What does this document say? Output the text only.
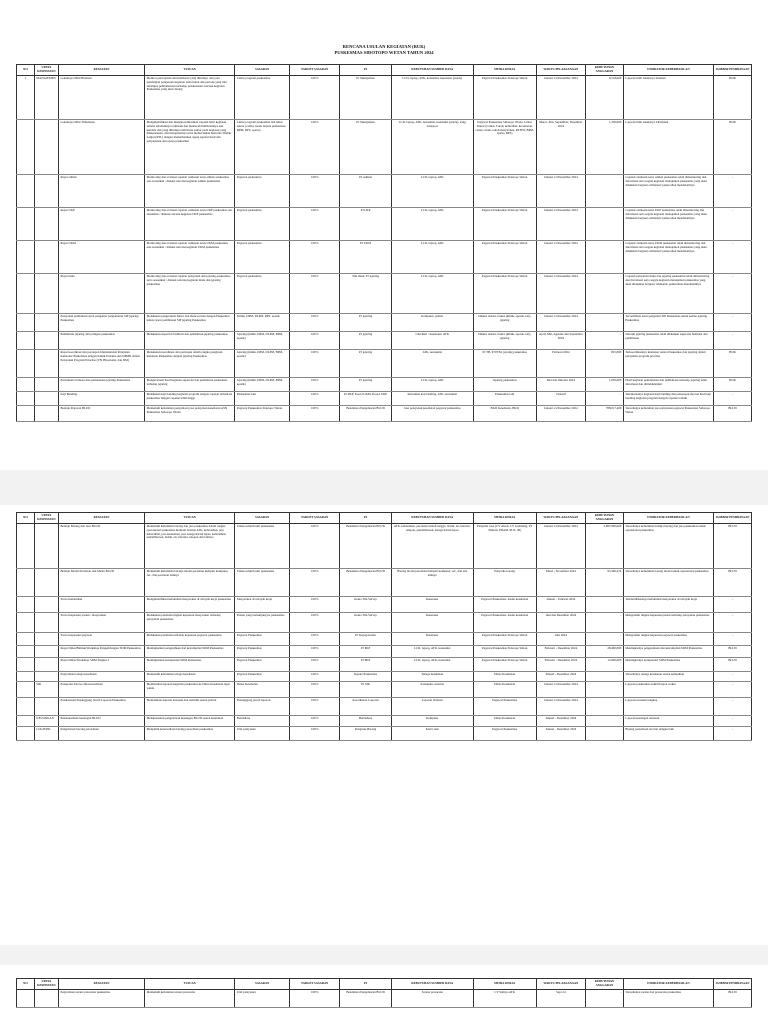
RENCANA USULAN KEGIATAN (RUK)
PUSKESMAS SIDOTOPO WETAN TAHUN 2024
NO	UPAYA KESEHATAN	KEGIATAN	TUJUAN	SASARAN	TARGET SASARAN	PJ	KEBUTUHAN SUMBER DAYA	MITRA KERJA	WAKTU PELAKSANAAN	KEBUTUHAN ANGGARAN	INDIKATOR KEBERHASILAN	SUMBER PEMBIAYAAN
1	MANAJEMEN	Lokakarya Mini Bulanan	Monitor pencapaian dan hambatan yang dihadapi, dan pola pembagian pengesaan kegiatan pada bulan dan periode yang lalu sekaligus pembaharuan terhadap pelaksanaan rencana kegiatan Puskesmas yang akan datang	Lintas program puskesmas	100%	PJ Manajemen	LCD, laptop, ATK, konsumsi, kuesioner (snack)	Pegawai Puskesmas Sidotopo Wetan	Januari s/d Desember 2024	6,518,000	Laporan mini lokakarya bulanan	BOK
		Lokakarya Mini Tribulanan	Mengidentifikasi dan mengkoordinasikan capaian hasil kegiatan selama sebelumnya termasuk dan memecah hambatannya dan kendala dan yang dihadapi oleh lintas sektor pada kegiatan yang dilaksanakan, dan mengatasinya serta memecahkan Rencana Tindak Lanjut (RTL) dengan memerhatikan aspek seputar hasil dan penyusunan dan upaya puskesmas	Lintas program puskesmas dan lintas sektor (camat, lurah, kepala puskesmas, BPM, RPS, sparta)	100%	PJ Manajemen	LCD, laptop, ATK, konsumsi, konsumsi (snack), uang transport	Pegawai Puskesmas Sidotopo Wetan, Lintas Sektor (Camat, Lurah, kelurahan, kecamatan, camat, lurah, tokoh masyarakat, RT/RW, BPM, sparta, BPS)	Maret, Juni, September, Desember 2024	1,350,000	Laporan mini lokakarya tribulanan	BOK
		Rapat admen	Monitoring dan evaluasi capaian cuttkasin terus admen puskesmas atas sesuaikan / diskusi rencana kegiatan admen puskesmas	Pegawai puskesmas	100%	PJ Admen	LCD, laptop, ATK	Pegawai Puskesmas Sidotopo Wetan	Januari s/d Desember 2024	-	Capaian cuttkasin terus admen puskesmas telah dimonitoring dan dievaluasi serta segala kegiatan manajemen puskesmas yang akan dilakukan berjuara rebinanal/ pemecahan mendalamnya	-
		Rapat UKP	Monitoring dan evaluasi capaian cuttkasin terus UKP puskesmas atas sesuaikan / diskusi rencana kegiatan UKP puskesmas	Pegawai puskesmas	100%	PJ UKP	LCD, laptop, ATK	Pegawai Puskesmas Sidotopo Wetan	Januari s/d Desember 2024	-	Capaian cuttkasin terus UKP puskesmas telah dimonitoring dan dievaluasi serta segala kegiatan manajemen puskesmas yang akan dilakukan berjuara rebinanal/ pemecahan mendalamnya	-
		Rapat UKM	Monitoring dan evaluasi capaian cuttkasin terus UKM puskesmas atas sesuaikan / diskusi rencana kegiatan UKM puskesmas	Pegawai puskesmas	100%	PJ UKM	LCD, laptop, ATK	Pegawai Puskesmas Sidotopo Wetan	Januari s/d Desember 2024	-	Capaian cuttkasin terus UKM puskesmas telah dimonitoring dan dievaluasi serta segala kegiatan manajemen puskesmas yang akan dilakukan berjuara rebinanal/ pemecahan mendalamnya	-
		Rapat mutu	Monitoring dan evaluasi capaian pelayanan dan jejaring puskesmas, serta sesuaikan / diskusi rencana kegiatan mutu dan jejaring puskesmas	Pegawai puskesmas	100%	Tim mutu, PJ jejaring	LCD, laptop, ATK	Pegawai Puskesmas Sidotopo Wetan	Januari s/d Desember 2024	-	Capaian pelayanan mutu dan jejaring puskesmas telah dimonitoring dan dievaluasi serta segala kegiatan manajemen puskesmas yang akan dilakukan berjuara rebinanal/ pemecahan mendalamnya	-
		Pelayanan pembinaan surat pengantar pengantaran SIP jejaring Puskesmas	Melakukan pengecekan faktor dan mencocokan dengan Puskesmas untuk syarat pembinaan SIP jejaring Puskesmas	Klinik, DPM, DLPM, RPS, apotik	100%	PJ jejaring	Komputer, printer	Dinkes terkait, faskes (klinik, apotek, lab), jejaring	Januari s/d Desember 2024	-	Terverifikasi surat pengantar SIP Puskesmas untuk semua jejaring Puskesmas	-
		Pembinaan jejaring dan jaringan puskesmas	Melakukan supervisi fasilitasi dan pembinaan jejaring puskesmas	Jejaring (klinik, DPM, DLPM, BPM, apotik)	100%	PJ jejaring	Checklist / kuesioner, ATK	Dinkes terkait, faskes (klinik, apotek, lab), jejaring	April, Mei, Agustus dan September 2024	-	Seluruh jejaring puskesmas telah dilakukan supervisi fasilitasi dan pembinaan	-
		Rapat koordinasi dan persiapan Implementasi Pengisian Kuisioner Puskesmas dengan Klinik Pratama dan DPMD dalam Pelayanan Program Prioritas (TB, Hipertensi, dan DM)	Melakukan koordinasi dan persiapan dalam rangka pengisian kuisioner Puskesmas dengan jejaring Puskesmas	Jejaring (klinik, DPM, DLPM, BPM, apotik)	100%	PJ jejaring	ATK, konsumsi	PJ TB, PJ PTM, jejaring puskesmas	Februari 2024	825,000	Terkoordinasinya kuisioner antara Puskesmas dan jejaring dalam pelayanan program prioritas	BOK
		Pertemuan evaluasi dan pemantauan jejaring Puskesmas	Mengevaluasi hasil kegiatan supervisi dan pembinaan puskesmas terhadap jejaring	Jejaring (klinik, DPM, DLPM, BPM, apotik)	100%	PJ jejaring	LCD, laptop, ATK	Jejaring puskesmas	Mei dan Oktober 2024	1,050,000	Hasil kegiatan pemantauan dan pembinaan terhadap jejaring telah dievaluasi dan ditindaklanjuti	BOK
		Kaji Banding	Melakukan kaji banding kegiatan program dengan capaian terbaik ke puskesmas dengan capaian lebih tinggi	Puskesmas lain	100%	PJ PKP, Koord UKM, Koord UKP	Instrumen kaji banding, ATK, konsumsi	Puskesmas lain	Tentatif	-	Terlaksananya kegiatan kaji banding dan penerapan inovasi hasil kaji banding kegiatan program dengan capaian terbaik	-
		Belanja Pegawai BLUD	Memenuhi kebutuhan penyediaan jasa pelayanan kesehatan ASN Puskesmas Sidotopo Wetan	Pegawai Puskesmas Sidotopo Wetan	100%	Bendahara Pengeluaran BLUD	Jasa pelayanan kesehatan pegawai puskesmas	BKD Kesehatan, BKD	Januari s/d Desember 2024	788,017,400	Tersedianya kebutuhan jasa pelayanan pegawai Puskesmas Sidotopo Wetan	BLUD
NO	UPAYA KESEHATAN	KEGIATAN	TUJUAN	SASARAN	TARGET SASARAN	PJ	KEBUTUHAN SUMBER DAYA	MITRA KERJA	WAKTU PELAKSANAAN	KEBUTUHAN ANGGARAN	INDIKATOR KEBERHASILAN	SUMBER PEMBIAYAAN
		Belanja Barang dan Jasa BLUD	Memenuhi kebutuhan barang dan jasa puskesmas dalam rangka operasional puskesmas meliputi belanja ATK, kebersihan, jasa kebersihan, jasa keamanan, jasa tenaga harian lepas, kebersihan, pemeliharaan, listrik, air, internet, telepon dan lainnya	Untuk seluruh unit puskesmas	100%	Bendahara Pengeluaran BLUD	ATK, kebersihan, peralatan rumah tangga, listrik, air, internet, telepon, pemeliharaan, tenaga harian lepas	Penyedia Jasa (CV Abadi, CV Gemilang, PT Telkom, PDAM, PLN, dll)	Januari s/d Desember 2024	2,897,000,000	Tersedianya kebutuhan belanja barang dan jasa puskesmas untuk operasional puskesmas	BLUD
		Belanja Modal Peralatan dan Mesin BLUD	Memenuhi kebutuhan belanja modal peralatan meliputi komputer, AC, dan peralatan lainnya	Untuk seluruh unit puskesmas	100%	Bendahara Pengeluaran BLUD	Barang modal peralatan meliputi komputer, AC, dan alat lainnya	Penyedia barang	Maret - November 2024	95,306,474	Tersedianya kebutuhan barang modal untuk operasional puskesmas	BLUD
		Survei kebutuhan	Mengidentifikasi kebutuhan masyarakat di wilayah kerja puskesmas	Masyarakat di wilayah kerja	100%	Ketua Tim Survey	Kuesioner	Pegawai Puskesmas, Kader kesehatan	Januari - Februari 2024	-	Teridentifikasinya kebutuhan masyarakat di wilayah kerja	-
		Survei kepuasan pasien / masyarakat	Melakukan penilaian tingkat kepuasan masyarakat terhadap pelayanan puskesmas	Pasien yang berkunjung ke puskesmas	100%	Ketua Tim Survey	Kuesioner	Pegawai Puskesmas, Kader kesehatan	Juni dan Desember 2024	-	Mengetahui tingkat kepuasan pasien terhadap pelayanan puskesmas	-
		Survei kepuasan pegawai	Melakukan penilaian terhadap kepuasan pegawai puskesmas	Pegawai Puskesmas	100%	PJ Kepegawaian	Kuesioner	Pegawai Puskesmas Sidotopo Wetan	Juni 2024	-	Mengetahui tingkat kepuasan pegawai puskesmas	-
		Rapat Dinas/Bimtek/Workshop Pengembangan SDM Puskesmas	Meningkatkan pengetahuan dan ketrampilan SDM Puskesmas	Pegawai Puskesmas	100%	PJ PKP	LCD, laptop, ATK, konsumsi	Pegawai Puskesmas Sidotopo Wetan	Februari - Desember 2024	28,400,000	Meningkatnya pengetahuan dan ketrampilan SDM Puskesmas	BLUD
		Rapat Dinas/Workshop SDM Tingkat 2	Meningkatkan kompetensi SDM Puskesmas	Pegawai Puskesmas	100%	PJ PKP	LCD, laptop, ATK, konsumsi	Pegawai Puskesmas Sidotopo Wetan	Februari - Desember 2024	12,000,000	Meningkatnya kompetensi SDM Puskesmas	BLUD
		Penyediaan tenaga kesehatan	Memenuhi kebutuhan tenaga kesehatan	Pegawai Puskesmas	100%	Kepala Puskesmas	Tenaga kesehatan	Dinas Kesehatan	Januari - Desember 2024	-	Tersedianya tenaga kesehatan sesuai kebutuhan	-
	SIK	Pelaporan data ke dinas kesehatan	Memberikan laporan kegiatan puskesmas ke Dinas Kesehatan tepat waktu	Dinas Kesehatan	100%	PJ SIK	Komputer, internet	Dinas Kesehatan	Januari s/d Desember 2024	-	Laporan puskesmas terkirim tepat waktu	-
		Pelaksanaan Penanggung Jawab Laporan Puskesmas	Memastikan laporan tersusun dan terkirim sesuai jadwal	Penanggung jawab laporan	100%	Koordinator Laporan	Laporan bulanan	Pegawai Puskesmas	Januari s/d Desember 2024	-	Laporan tersusun lengkap	-
	KEUANGAN	Penatausahaan keuangan BLUD	Melaksanakan pengelolaan keuangan BLUD sesuai ketentuan	Bendahara	100%	Bendahara	Komputer	Dinas Kesehatan	Januari - Desember 2024	-	Laporan keuangan tersusun	-
	LOGISTIK	Pengelolaan barang persediaan	Menjamin ketersediaan barang persediaan puskesmas	Unit pelayanan	100%	Pengurus Barang	Kartu stok	Pegawai Puskesmas	Januari - Desember 2024	-	Barang persediaan tercatat dengan baik	-
NO	UPAYA KESEHATAN	KEGIATAN	TUJUAN	SASARAN	TARGET SASARAN	PJ	KEBUTUHAN SUMBER DAYA	MITRA KERJA	WAKTU PELAKSANAAN	KEBUTUHAN ANGGARAN	INDIKATOR KEBERHASILAN	SUMBER PEMBIAYAAN
		Penyediaan sarana prasarana puskesmas	Memenuhi kebutuhan sarana prasarana	Unit pelayanan	100%	Bendahara Pengeluaran BLUD	Sarana prasarana	CV Sehaya ATK	Sept 24	-	Tersedianya sarana dan prasarana puskesmas	BLUD
